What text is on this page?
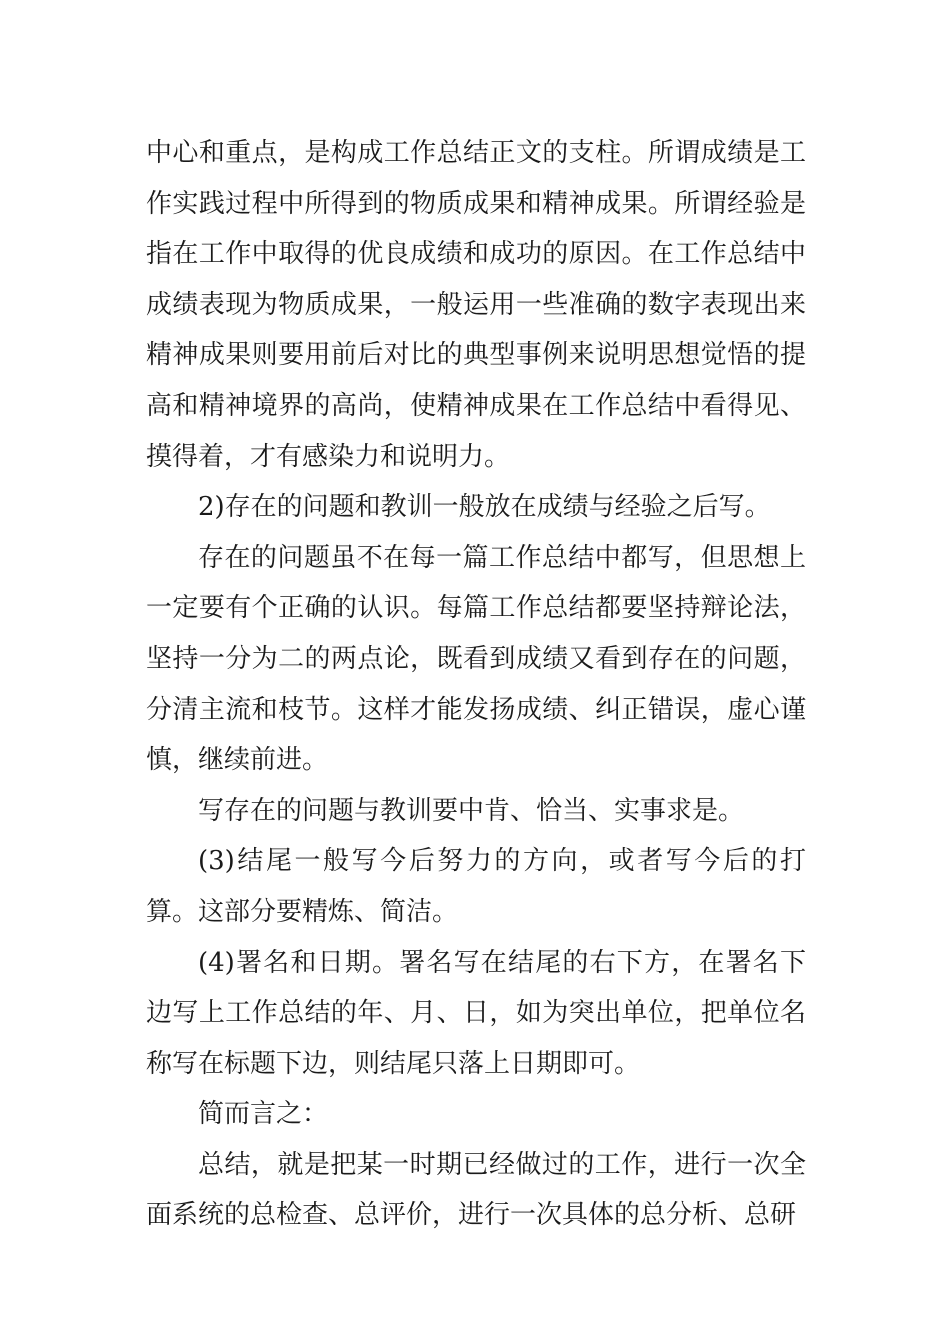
中心和重点，是构成工作总结正文的支柱。所谓成绩是工作实践过程中所得到的物质成果和精神成果。所谓经验是指在工作中取得的优良成绩和成功的原因。在工作总结中成绩表现为物质成果，一般运用一些准确的数字表现出来精神成果则要用前后对比的典型事例来说明思想觉悟的提高和精神境界的高尚，使精神成果在工作总结中看得见、摸得着，才有感染力和说明力。

2)存在的问题和教训一般放在成绩与经验之后写。

存在的问题虽不在每一篇工作总结中都写，但思想上一定要有个正确的认识。每篇工作总结都要坚持辩论法，坚持一分为二的两点论，既看到成绩又看到存在的问题，分清主流和枝节。这样才能发扬成绩、纠正错误，虚心谨慎，继续前进。

写存在的问题与教训要中肯、恰当、实事求是。

(3)结尾一般写今后努力的方向，或者写今后的打算。这部分要精炼、简洁。

(4)署名和日期。署名写在结尾的右下方，在署名下边写上工作总结的年、月、日，如为突出单位，把单位名称写在标题下边，则结尾只落上日期即可。

简而言之：

总结，就是把某一时期已经做过的工作，进行一次全面系统的总检查、总评价，进行一次具体的总分析、总研
